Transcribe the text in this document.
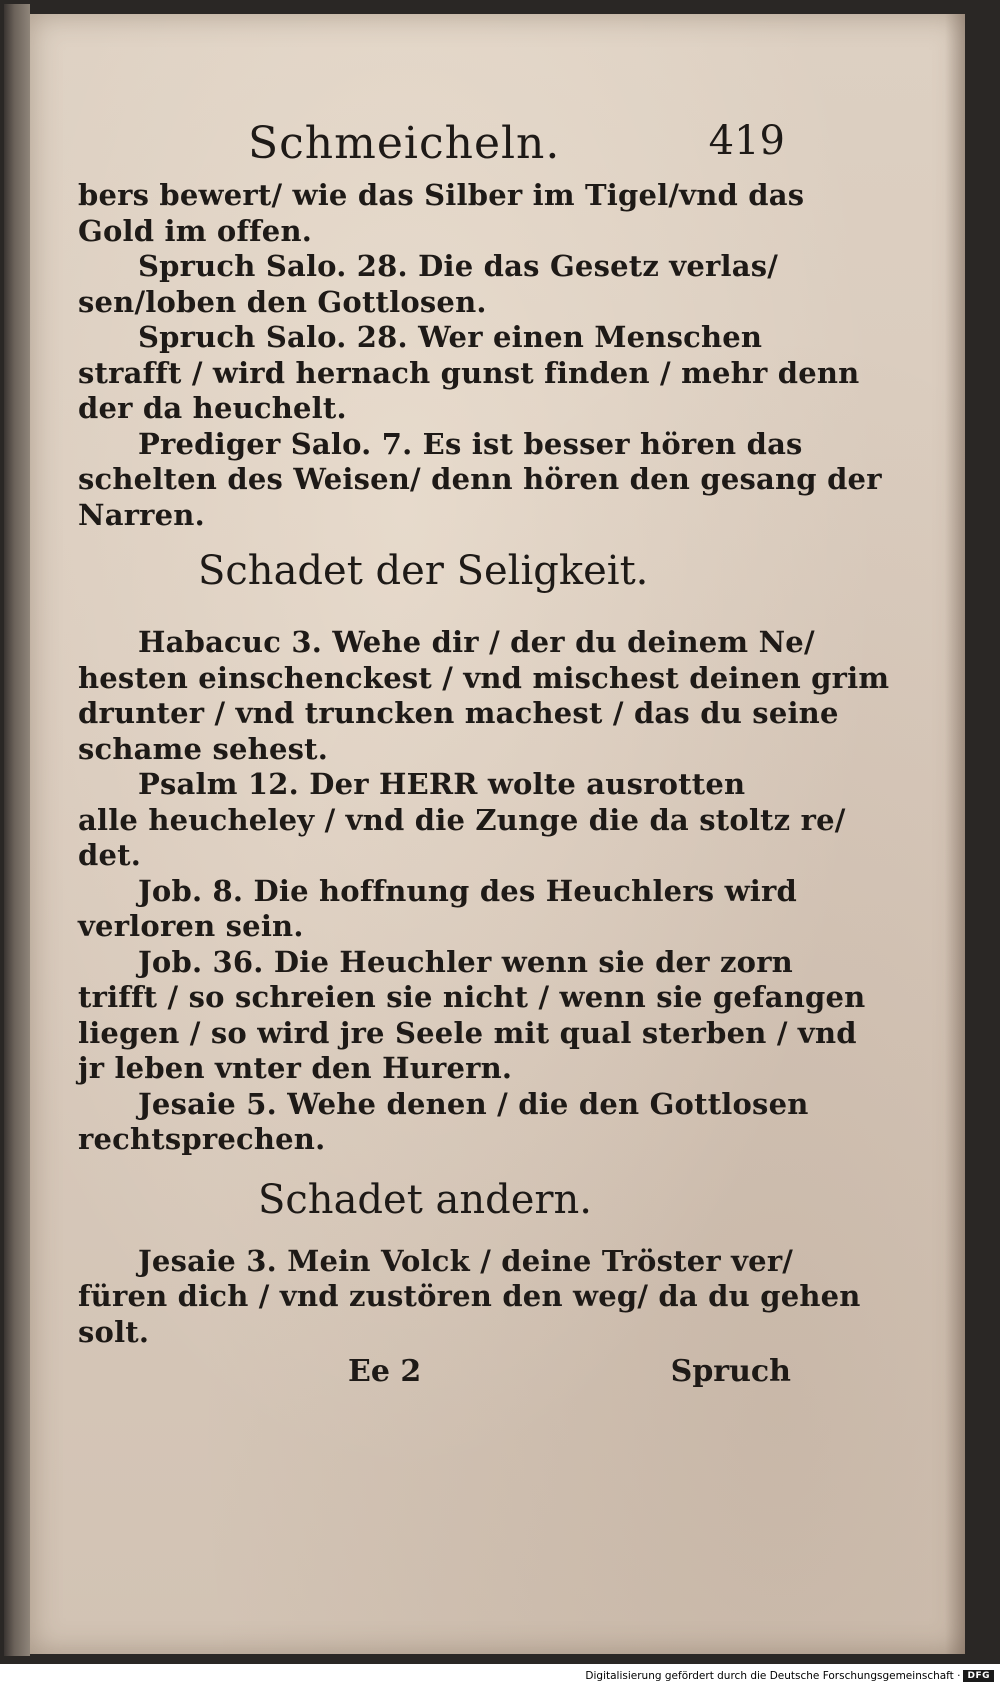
Schmeicheln.	419
bers bewert/ wie das Silber im Tigel/vnd das
Gold im offen.
Spruch Salo. 28. Die das Gesetz verlas/
sen/loben den Gottlosen.
Spruch Salo. 28. Wer einen Menschen
strafft / wird hernach gunst finden / mehr denn
der da heuchelt.
Prediger Salo. 7. Es ist besser hören das
schelten des Weisen/ denn hören den gesang der
Narren.
Schadet der Seligkeit.
Habacuc 3. Wehe dir / der du deinem Ne/
hesten einschenckest / vnd mischest deinen grim
drunter / vnd truncken machest / das du seine
schame sehest.
Psalm 12. Der HERR wolte ausrotten
alle heucheley / vnd die Zunge die da stoltz re/
det.
Job. 8. Die hoffnung des Heuchlers wird
verloren sein.
Job. 36. Die Heuchler wenn sie der zorn
trifft / so schreien sie nicht / wenn sie gefangen
liegen / so wird jre Seele mit qual sterben / vnd
jr leben vnter den Hurern.
Jesaie 5. Wehe denen / die den Gottlosen
rechtsprechen.
Schadet andern.
Jesaie 3. Mein Volck / deine Tröster ver/
füren dich / vnd zustören den weg/ da du gehen
solt.
Ee 2	Spruch
Digitalisierung gefördert durch die Deutsche Forschungsgemeinschaft · DFG
